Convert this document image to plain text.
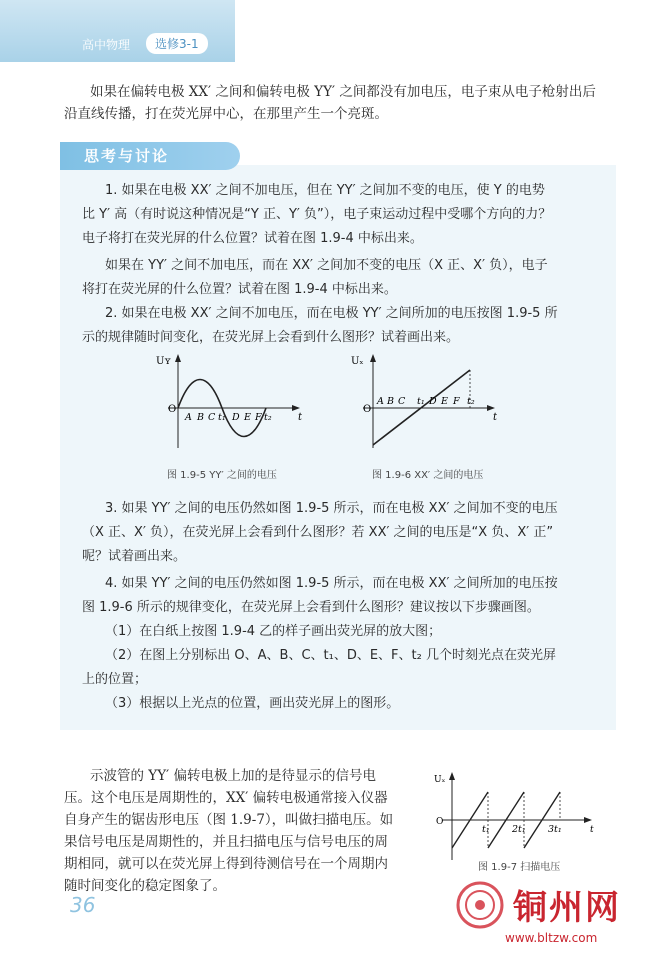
高中物理	选修3-1
如果在偏转电极 XX′ 之间和偏转电极 YY′ 之间都没有加电压，电子束从电子枪射出后
沿直线传播，打在荧光屏中心，在那里产生一个亮斑。
思考与讨论
1. 如果在电极 XX′ 之间不加电压，但在 YY′ 之间加不变的电压，使 Y 的电势
比 Y′ 高（有时说这种情况是“Y 正、Y′ 负”），电子束运动过程中受哪个方向的力？
电子将打在荧光屏的什么位置？试着在图 1.9-4 中标出来。
如果在 YY′ 之间不加电压，而在 XX′ 之间加不变的电压（X 正、X′ 负），电子
将打在荧光屏的什么位置？试着在图 1.9-4 中标出来。
2. 如果在电极 XX′ 之间不加电压，而在电极 YY′ 之间所加的电压按图 1.9-5 所
示的规律随时间变化，在荧光屏上会看到什么图形？试着画出来。
Uʏ
O
t
A B C t₁ D E F t₂
图 1.9-5 YY′ 之间的电压
Uₓ
O
t
A B C t₁ D E F t₂
图 1.9-6 XX′ 之间的电压
3. 如果 YY′ 之间的电压仍然如图 1.9-5 所示，而在电极 XX′ 之间加不变的电压
（X 正、X′ 负），在荧光屏上会看到什么图形？若 XX′ 之间的电压是“X 负、X′ 正”
呢？试着画出来。
4. 如果 YY′ 之间的电压仍然如图 1.9-5 所示，而在电极 XX′ 之间所加的电压按
图 1.9-6 所示的规律变化，在荧光屏上会看到什么图形？建议按以下步骤画图。
（1）在白纸上按图 1.9-4 乙的样子画出荧光屏的放大图；
（2）在图上分别标出 O、A、B、C、t₁、D、E、F、t₂ 几个时刻光点在荧光屏
上的位置；
（3）根据以上光点的位置，画出荧光屏上的图形。
示波管的 YY′ 偏转电极上加的是待显示的信号电
压。这个电压是周期性的，XX′ 偏转电极通常接入仪器
自身产生的锯齿形电压（图 1.9-7），叫做扫描电压。如
果信号电压是周期性的，并且扫描电压与信号电压的周
期相同，就可以在荧光屏上得到待测信号在一个周期内
随时间变化的稳定图象了。
Uₓ
O
t
t₁ 2t₁ 3t₁
图 1.9-7 扫描电压
36	铜州网
www.bltzw.com
